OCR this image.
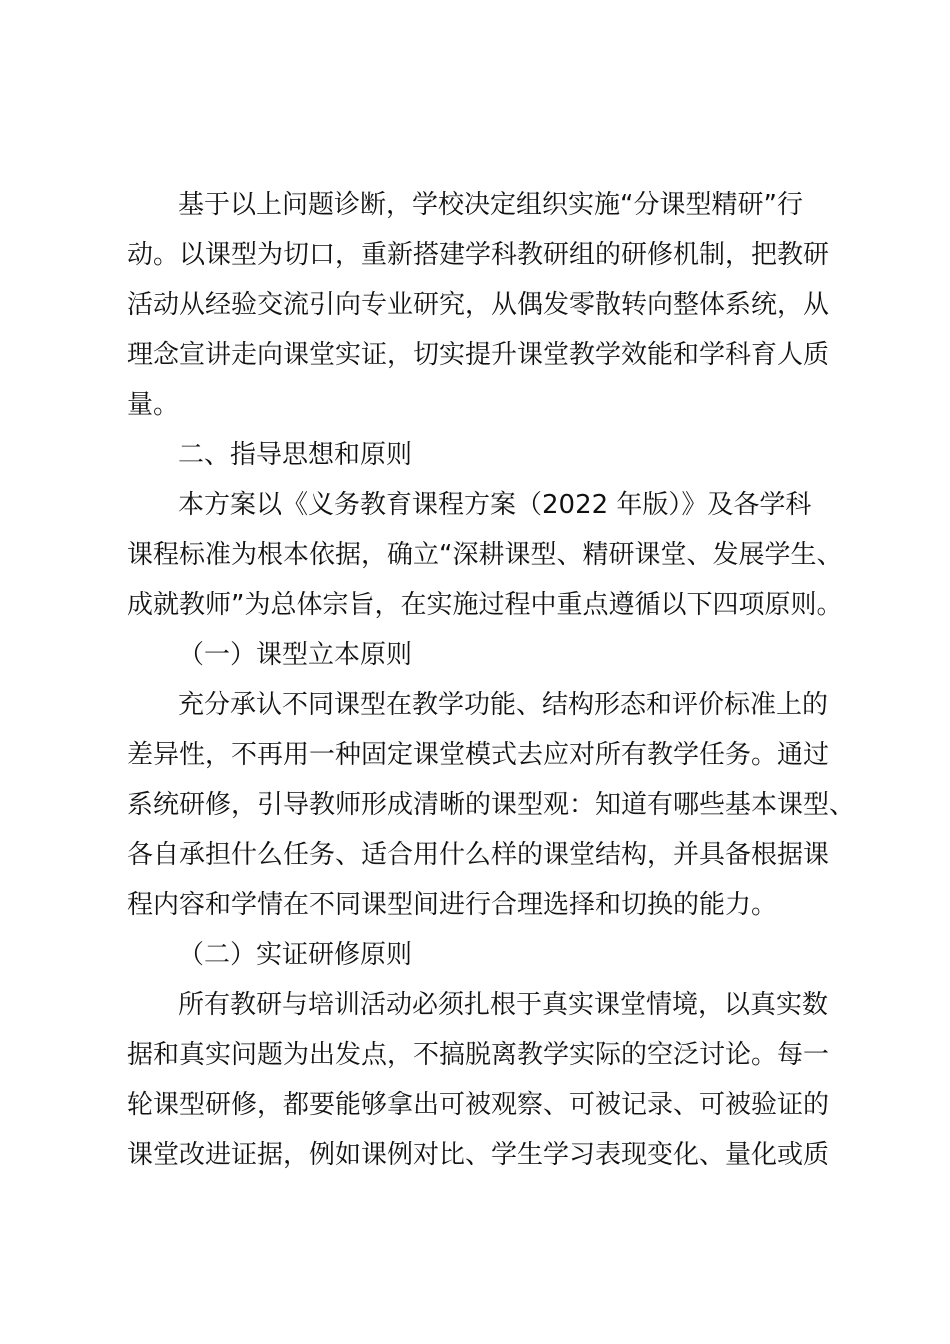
基于以上问题诊断，学校决定组织实施“分课型精研”行

动。以课型为切口，重新搭建学科教研组的研修机制，把教研

活动从经验交流引向专业研究，从偶发零散转向整体系统，从

理念宣讲走向课堂实证，切实提升课堂教学效能和学科育人质

量。

二、指导思想和原则

本方案以《义务教育课程方案（2022 年版）》及各学科

课程标准为根本依据，确立“深耕课型、精研课堂、发展学生、

成就教师”为总体宗旨，在实施过程中重点遵循以下四项原则。

（一）课型立本原则

充分承认不同课型在教学功能、结构形态和评价标准上的

差异性，不再用一种固定课堂模式去应对所有教学任务。通过

系统研修，引导教师形成清晰的课型观：知道有哪些基本课型、

各自承担什么任务、适合用什么样的课堂结构，并具备根据课

程内容和学情在不同课型间进行合理选择和切换的能力。

（二）实证研修原则

所有教研与培训活动必须扎根于真实课堂情境，以真实数

据和真实问题为出发点，不搞脱离教学实际的空泛讨论。每一

轮课型研修，都要能够拿出可被观察、可被记录、可被验证的

课堂改进证据，例如课例对比、学生学习表现变化、量化或质
